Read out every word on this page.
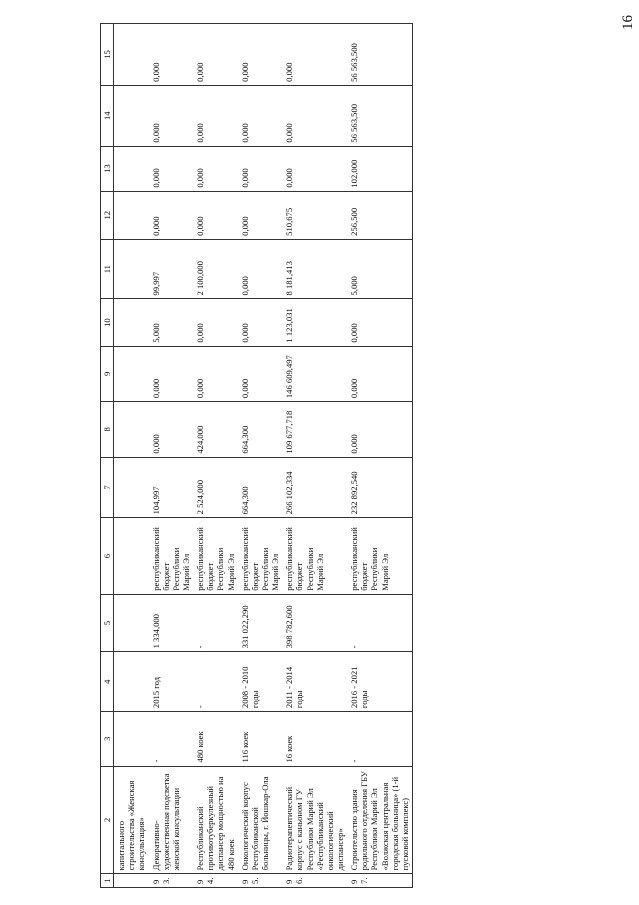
16
1	2	3	4	5	6	7	8	9	10	11	12	13	14	15
	капитального строительства «Женская консультация»													
93.	Декоративно-художественная подсветка женской консультации	-	2015 год	1 334,000	республиканский бюджет Республики Марий Эл	104,997	0,000	0,000	5,000	99,997	0,000	0,000	0,000	0,000
94.	Республиканский противотуберкулезный диспансер мощностью на 480 коек	480 коек	-	-	республиканский бюджет Республики Марий Эл	2 524,000	424,000	0,000	0,000	2 100,000	0,000	0,000	0,000	0,000
95.	Онкологический корпус Республиканской больницы, г. Йошкар-Ола	116 коек	2008 - 2010 годы	331 022,290	республиканский бюджет Республики Марий Эл	664,300	664,300	0,000	0,000	0,000	0,000	0,000	0,000	0,000
96.	Радиотерапевтический корпус с каньоном ГУ Республики Марий Эл «Республиканский онкологический диспансер»	16 коек	2011 - 2014 годы	398 782,600	республиканский бюджет Республики Марий Эл	266 102,334	109 677,718	146 609,497	1 123,031	8 181,413	510,675	0,000	0,000	0,000
97.	Строительство здания родильного отделения ГБУ Республики Марий Эл «Волжская центральная городская больница» (1-й пусковой комплекс)	-	2016 - 2021 годы	-	республиканский бюджет Республики Марий Эл	232 892,540	0,000	0,000	0,000	5,000	256,500	102,000	56 563,500	56 563,500
